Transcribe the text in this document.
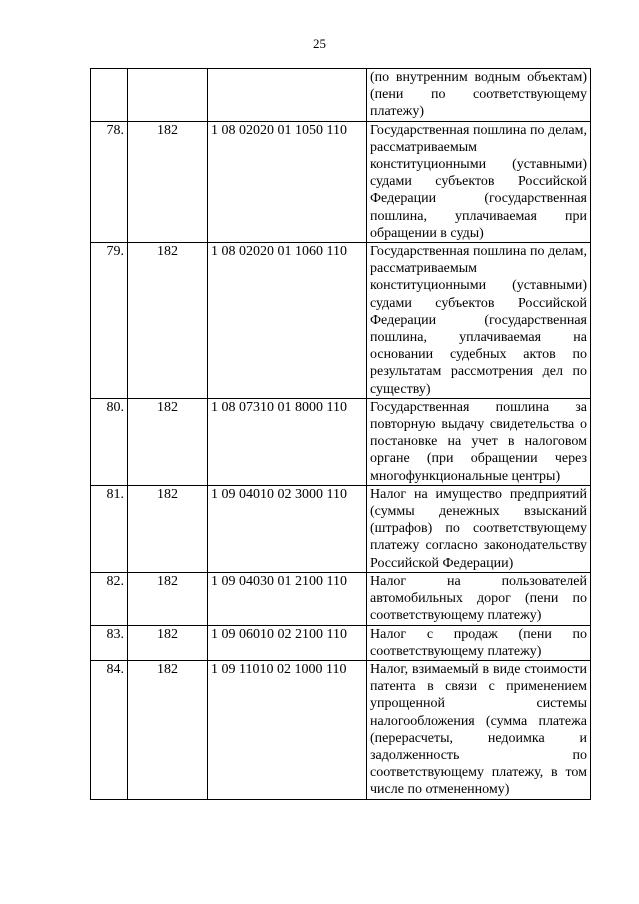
25
			(по внутренним водным объектам) (пени по соответствующему платежу)
78.	182	1 08 02020 01 1050 110	Государственная пошлина по делам, рассматриваемым конституционными (уставными) судами субъектов Российской Федерации (государственная пошлина, уплачиваемая при обращении в суды)
79.	182	1 08 02020 01 1060 110	Государственная пошлина по делам, рассматриваемым конституционными (уставными) судами субъектов Российской Федерации (государственная пошлина, уплачиваемая на основании судебных актов по результатам рассмотрения дел по существу)
80.	182	1 08 07310 01 8000 110	Государственная пошлина за повторную выдачу свидетельства о постановке на учет в налоговом органе (при обращении через многофункциональные центры)
81.	182	1 09 04010 02 3000 110	Налог на имущество предприятий (суммы денежных взысканий (штрафов) по соответствующему платежу согласно законодательству Российской Федерации)
82.	182	1 09 04030 01 2100 110	Налог на пользователей автомобильных дорог (пени по соответствующему платежу)
83.	182	1 09 06010 02 2100 110	Налог с продаж (пени по соответствующему платежу)
84.	182	1 09 11010 02 1000 110	Налог, взимаемый в виде стоимости патента в связи с применением упрощенной системы налогообложения (сумма платежа (перерасчеты, недоимка и задолженность по соответствующему платежу, в том числе по отмененному)
